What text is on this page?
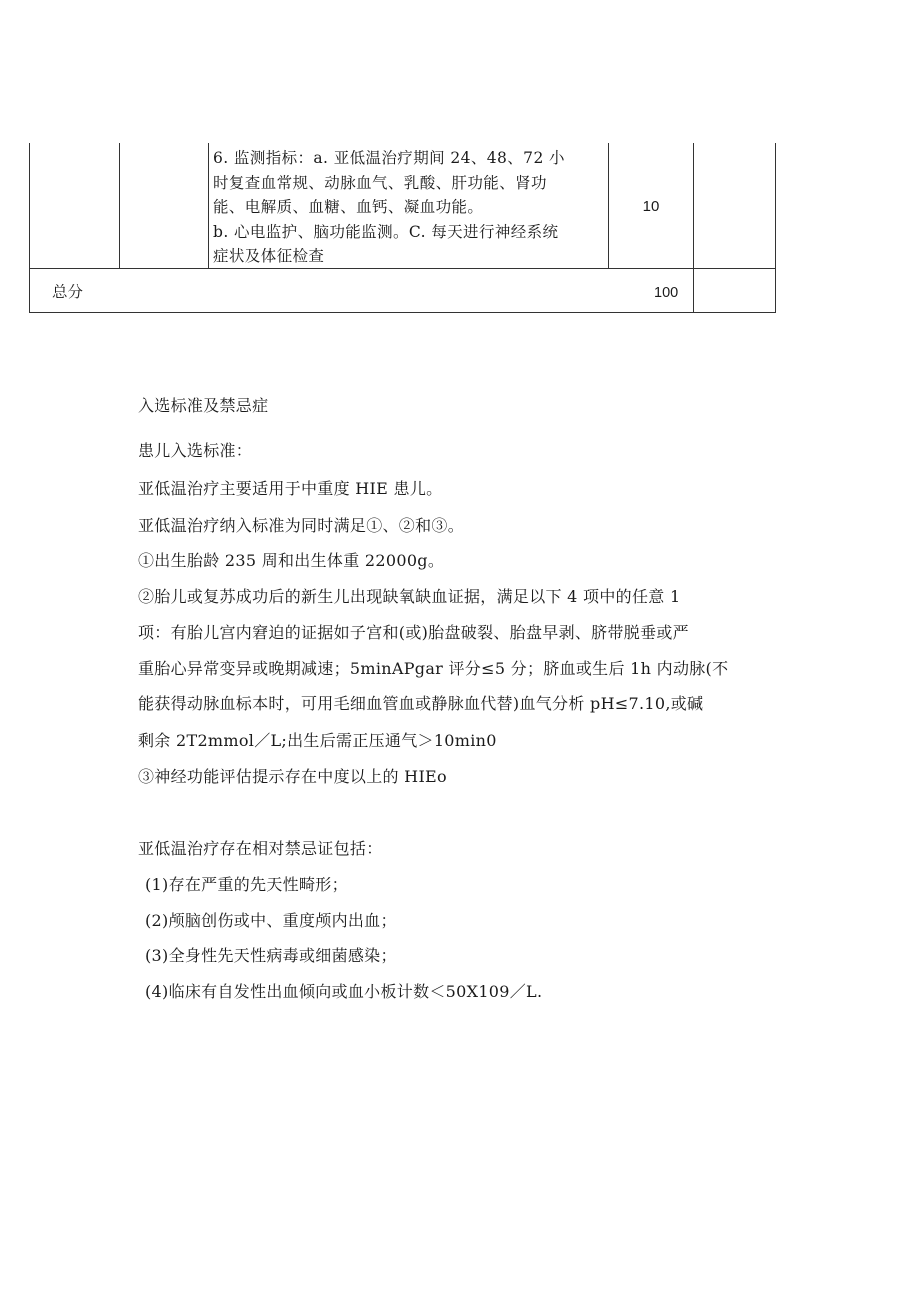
6. 监测指标：a. 亚低温治疗期间 24、48、72 小
时复查血常规、动脉血气、乳酸、肝功能、肾功
能、电解质、血糖、血钙、凝血功能。
b. 心电监护、脑功能监测。C. 每天进行神经系统
症状及体征检查
10
总分	100
入选标准及禁忌症
患儿入选标准：
亚低温治疗主要适用于中重度 HIE 患儿。
亚低温治疗纳入标准为同时满足①、②和③。
①出生胎龄 235 周和出生体重 22000g。
②胎儿或复苏成功后的新生儿出现缺氧缺血证据，满足以下 4 项中的任意 1
项：有胎儿宫内窘迫的证据如子宫和(或)胎盘破裂、胎盘早剥、脐带脱垂或严
重胎心异常变异或晚期减速；5minAPgar 评分≤5 分；脐血或生后 1h 内动脉(不
能获得动脉血标本时，可用毛细血管血或静脉血代替)血气分析 pH≤7.10,或碱
剩余 2T2mmol／L;出生后需正压通气＞10min0
③神经功能评估提示存在中度以上的 HIEo
亚低温治疗存在相对禁忌证包括：
(1)存在严重的先天性畸形；
(2)颅脑创伤或中、重度颅内出血；
(3)全身性先天性病毒或细菌感染；
(4)临床有自发性出血倾向或血小板计数＜50X109／L.
